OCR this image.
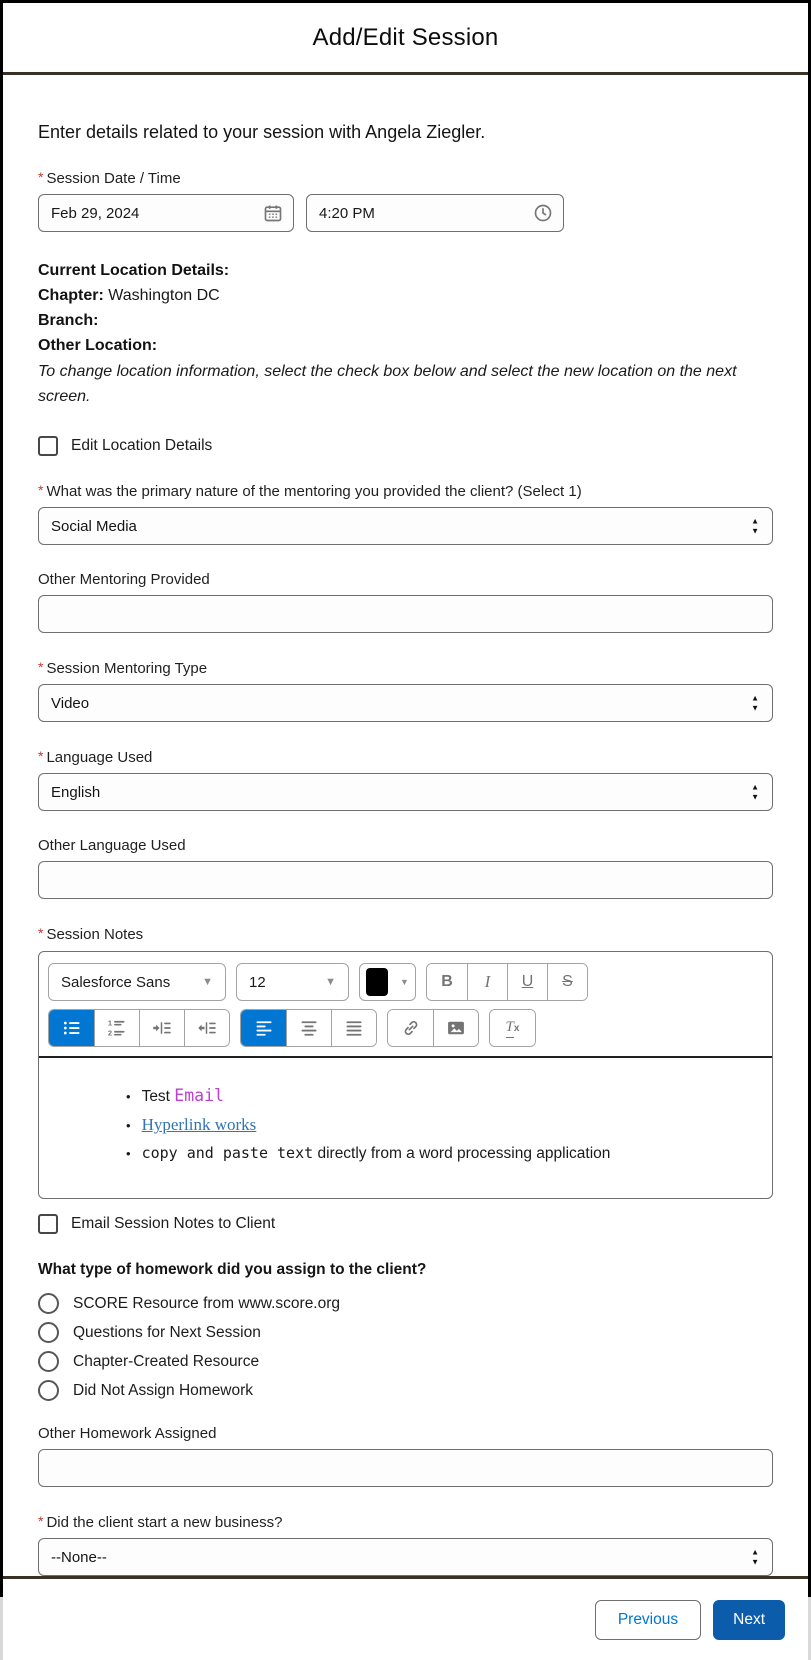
Add/Edit Session
Enter details related to your session with Angela Ziegler.
* Session Date / Time
Feb 29, 2024
4:20 PM
Current Location Details:
Chapter: Washington DC
Branch:
Other Location:
To change location information, select the check box below and select the new location on the next screen.
Edit Location Details
* What was the primary nature of the mentoring you provided the client? (Select 1)
Social Media	▲
▼
Other Mentoring Provided
* Session Mentoring Type
Video	▲
▼
* Language Used
English	▲
▼
Other Language Used
* Session Notes
Salesforce Sans	▼ 12	▼	▼	B	I	U	S
1
2	T x
• Test Email
• Hyperlink works
• copy and paste text directly from a word processing application
Email Session Notes to Client
What type of homework did you assign to the client?
SCORE Resource from www.score.org
Questions for Next Session
Chapter-Created Resource
Did Not Assign Homework
Other Homework Assigned
* Did the client start a new business?
--None--	▲
▼
Previous	Next
